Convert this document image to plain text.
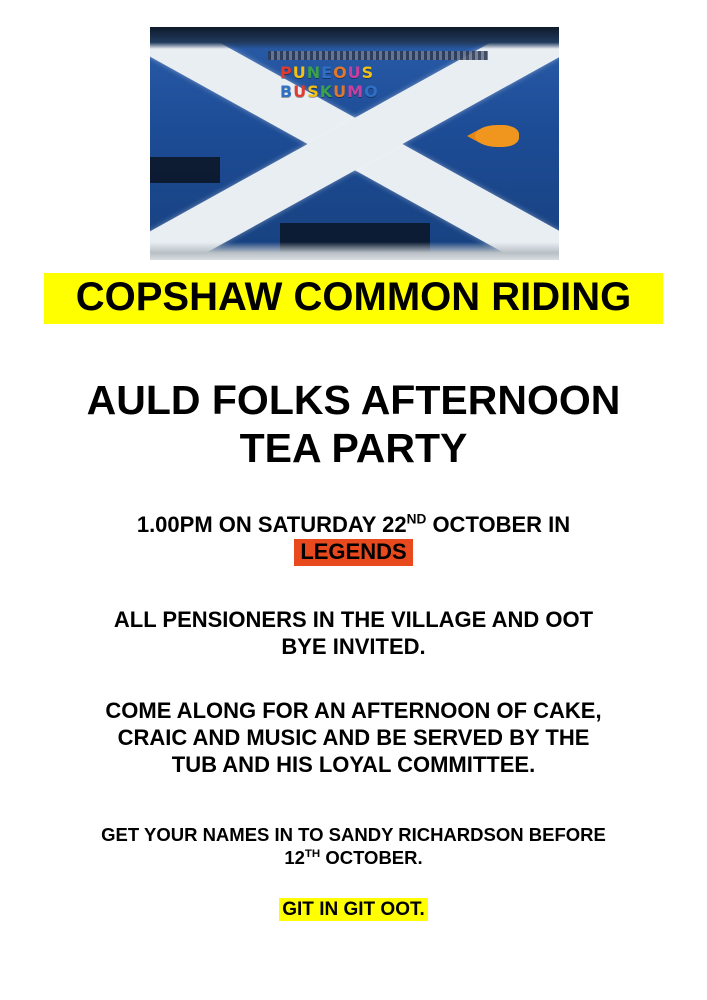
P U N E O U S
B U S K U M O
COPSHAW COMMON RIDING
AULD FOLKS AFTERNOON
TEA PARTY
1.00PM ON SATURDAY 22ND OCTOBER IN
LEGENDS
ALL PENSIONERS IN THE VILLAGE AND OOT
BYE INVITED.
COME ALONG FOR AN AFTERNOON OF CAKE,
CRAIC AND MUSIC AND BE SERVED BY THE
TUB AND HIS LOYAL COMMITTEE.
GET YOUR NAMES IN TO SANDY RICHARDSON BEFORE
12TH OCTOBER.
GIT IN GIT OOT.
